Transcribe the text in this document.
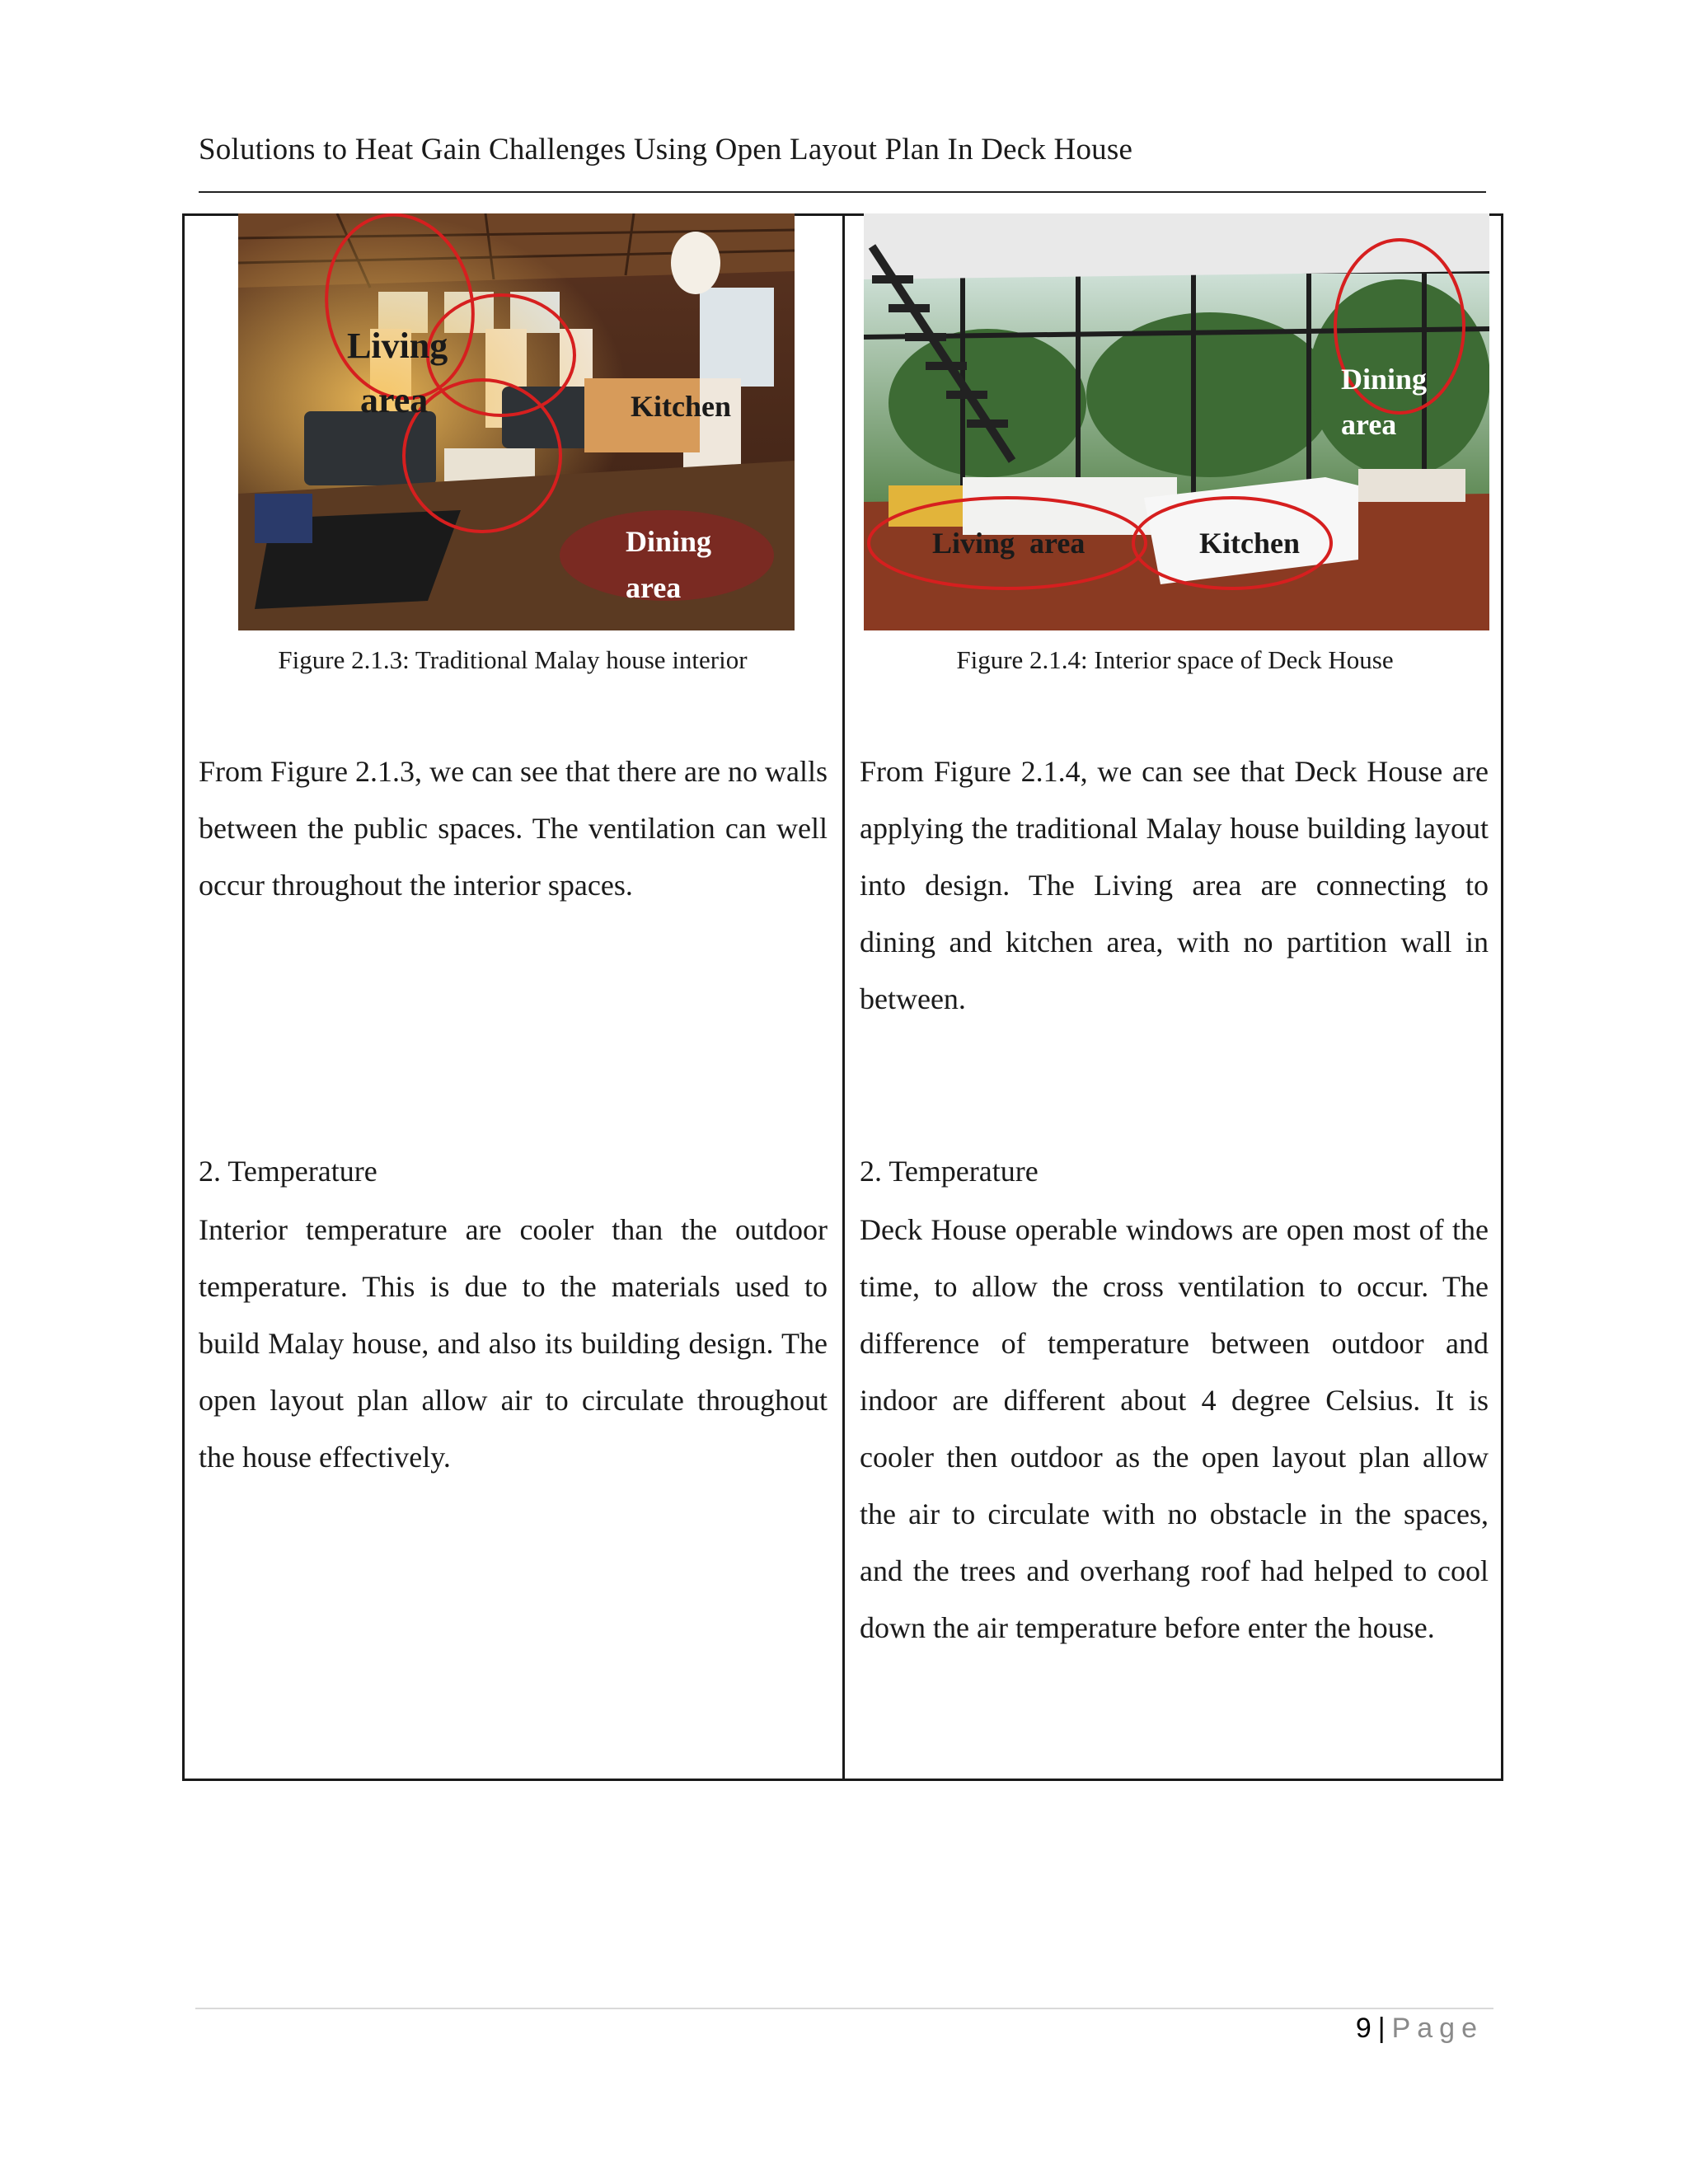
Solutions to Heat Gain Challenges Using Open Layout Plan In Deck House
Living
area	Kitchen
Dining
area
Dining
area
Living  area	Kitchen
Figure 2.1.3: Traditional Malay house interior	Figure 2.1.4: Interior space of Deck House
From Figure 2.1.3, we can see that there are no walls between the public spaces. The ventilation can well occur throughout the interior spaces.
2. Temperature
Interior temperature are cooler than the outdoor temperature. This is due to the materials used to build Malay house, and also its building design. The open layout plan allow air to circulate throughout the house effectively.
From Figure 2.1.4, we can see that Deck House are applying the traditional Malay house building layout into design. The Living area are connecting to dining and kitchen area, with no partition wall in between.
2. Temperature
Deck House operable windows are open most of the time, to allow the cross ventilation to occur. The difference of temperature between outdoor and indoor are different about 4 degree Celsius. It is cooler then outdoor as the open layout plan allow the air to circulate with no obstacle in the spaces, and the trees and overhang roof had helped to cool down the air temperature before enter the house.
9 | Page
